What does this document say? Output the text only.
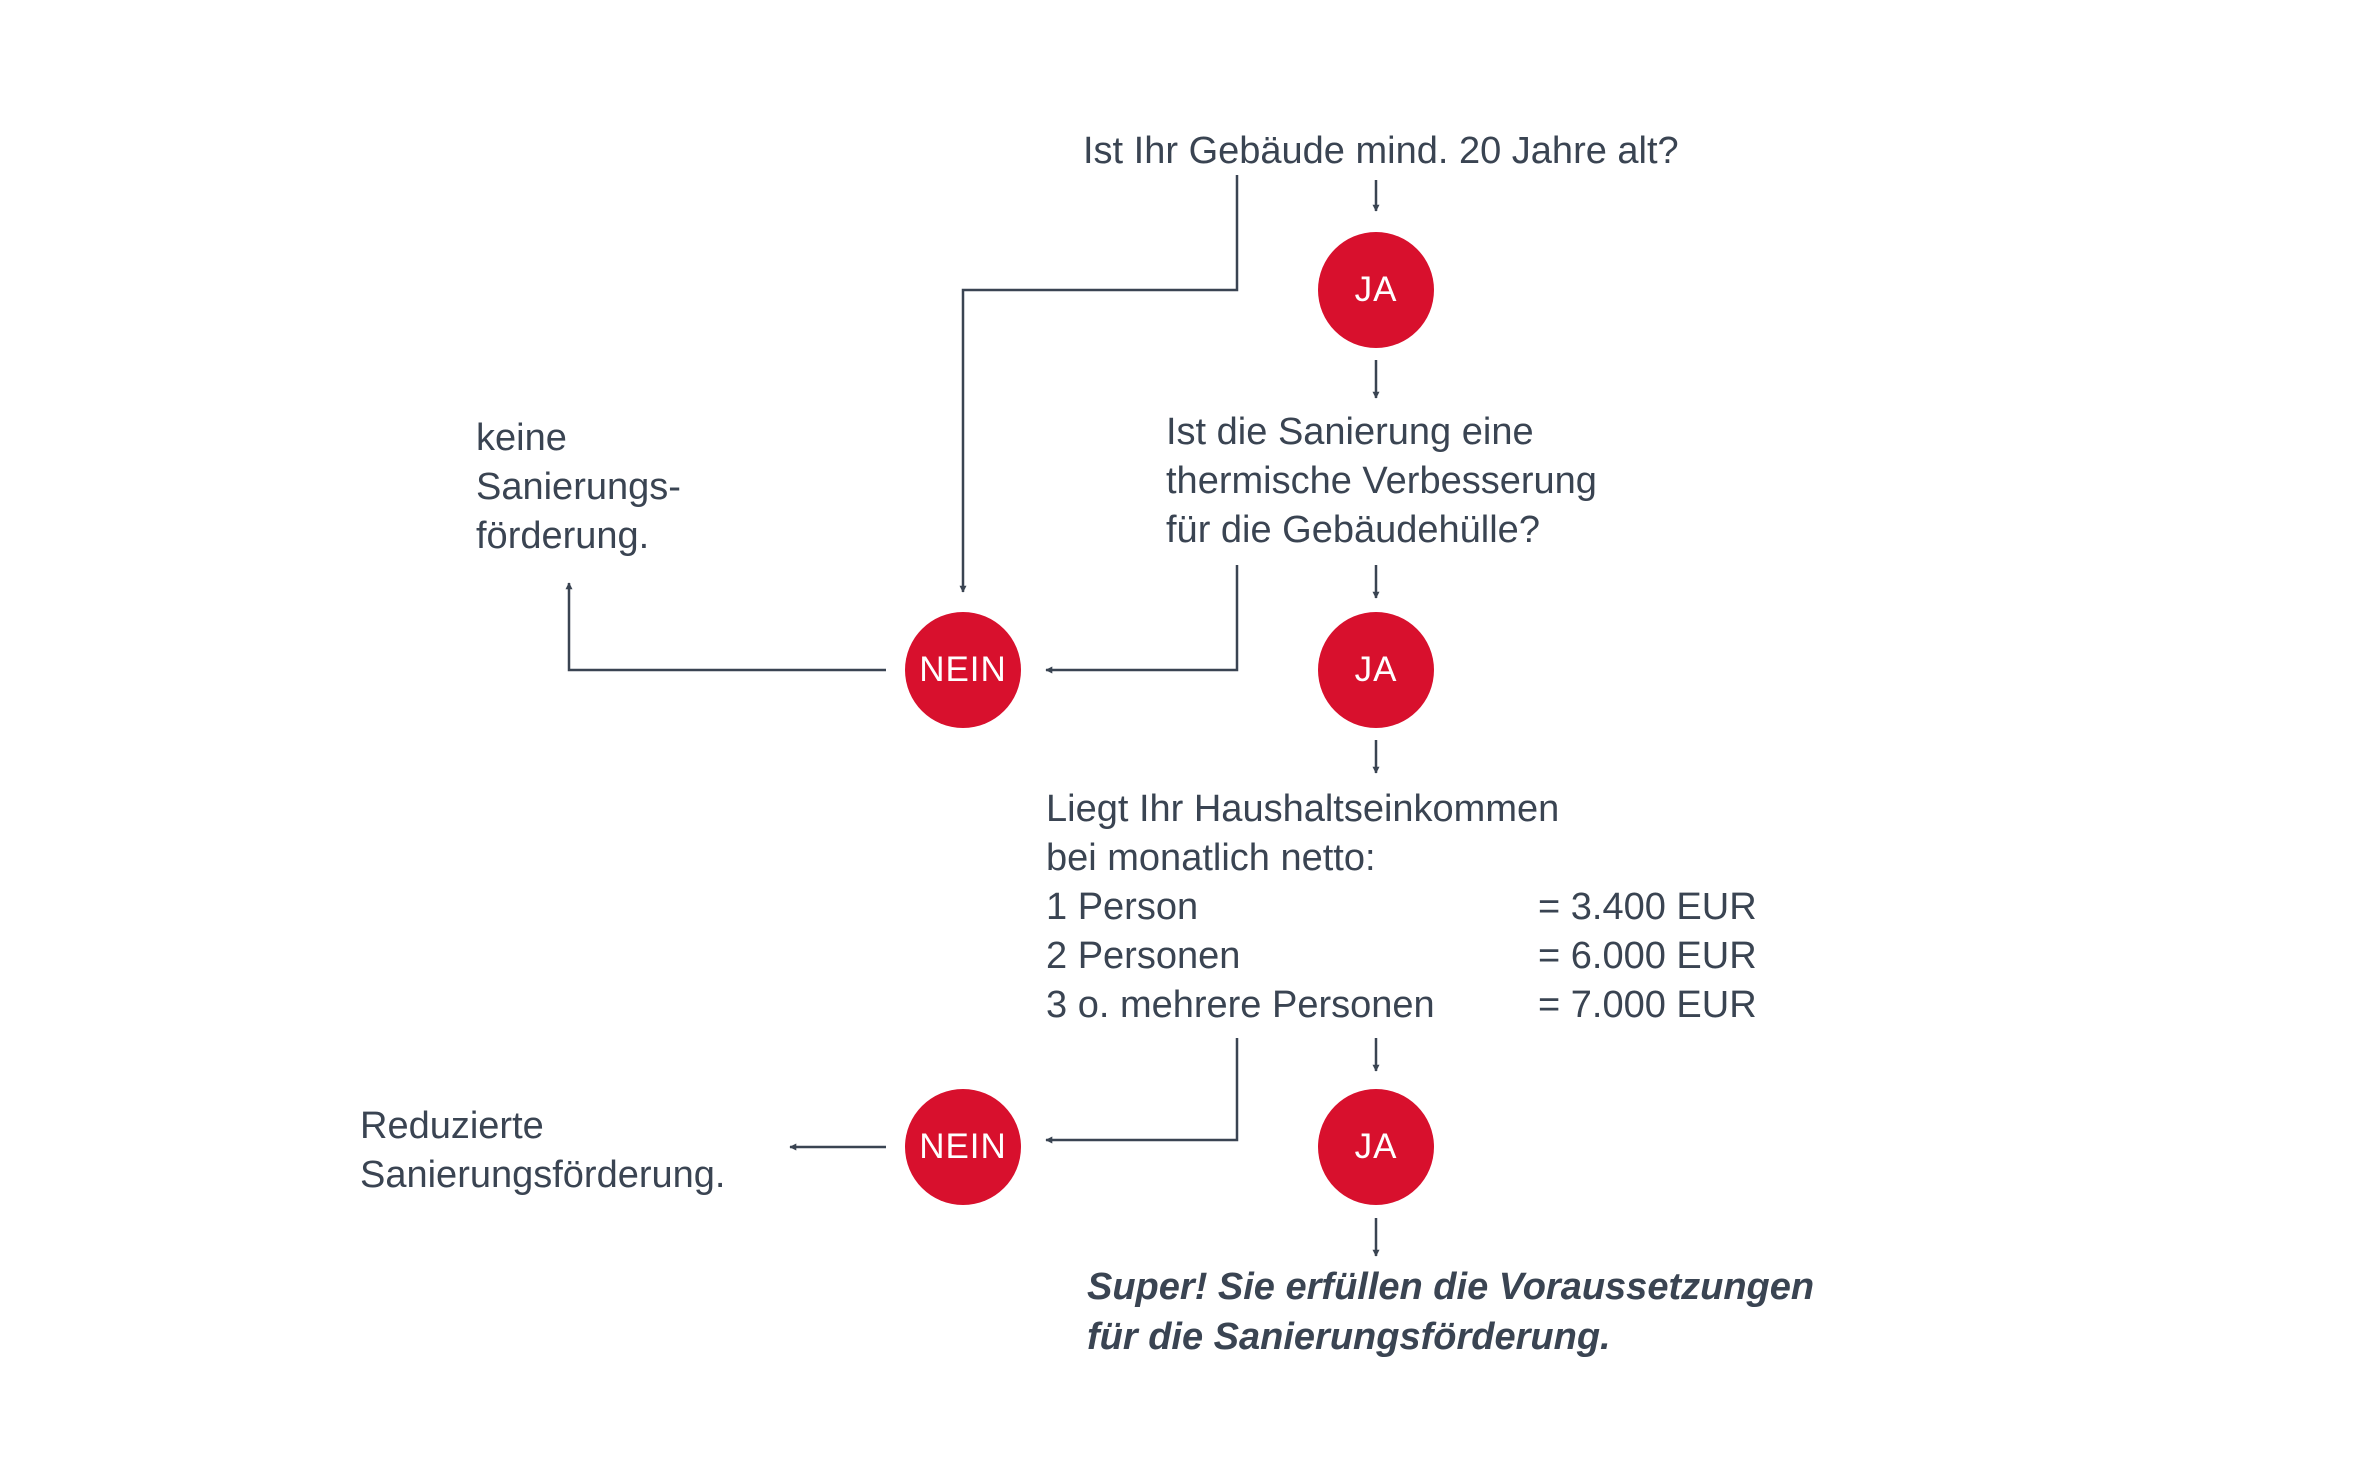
Ist Ihr Gebäude mind. 20 Jahre alt?
Ist die Sanierung eine
thermische Verbesserung
für die Gebäudehülle?
Liegt Ihr Haushaltseinkommen
bei monatlich netto:
1 Person	= 3.400 EUR
2 Personen	= 6.000 EUR
3 o. mehrere Personen	= 7.000 EUR
JA
JA
JA
NEIN
NEIN
keine
Sanierungs-
förderung.
Reduzierte
Sanierungsförderung.
Super! Sie erfüllen die Voraussetzungen
für die Sanierungsförderung.
